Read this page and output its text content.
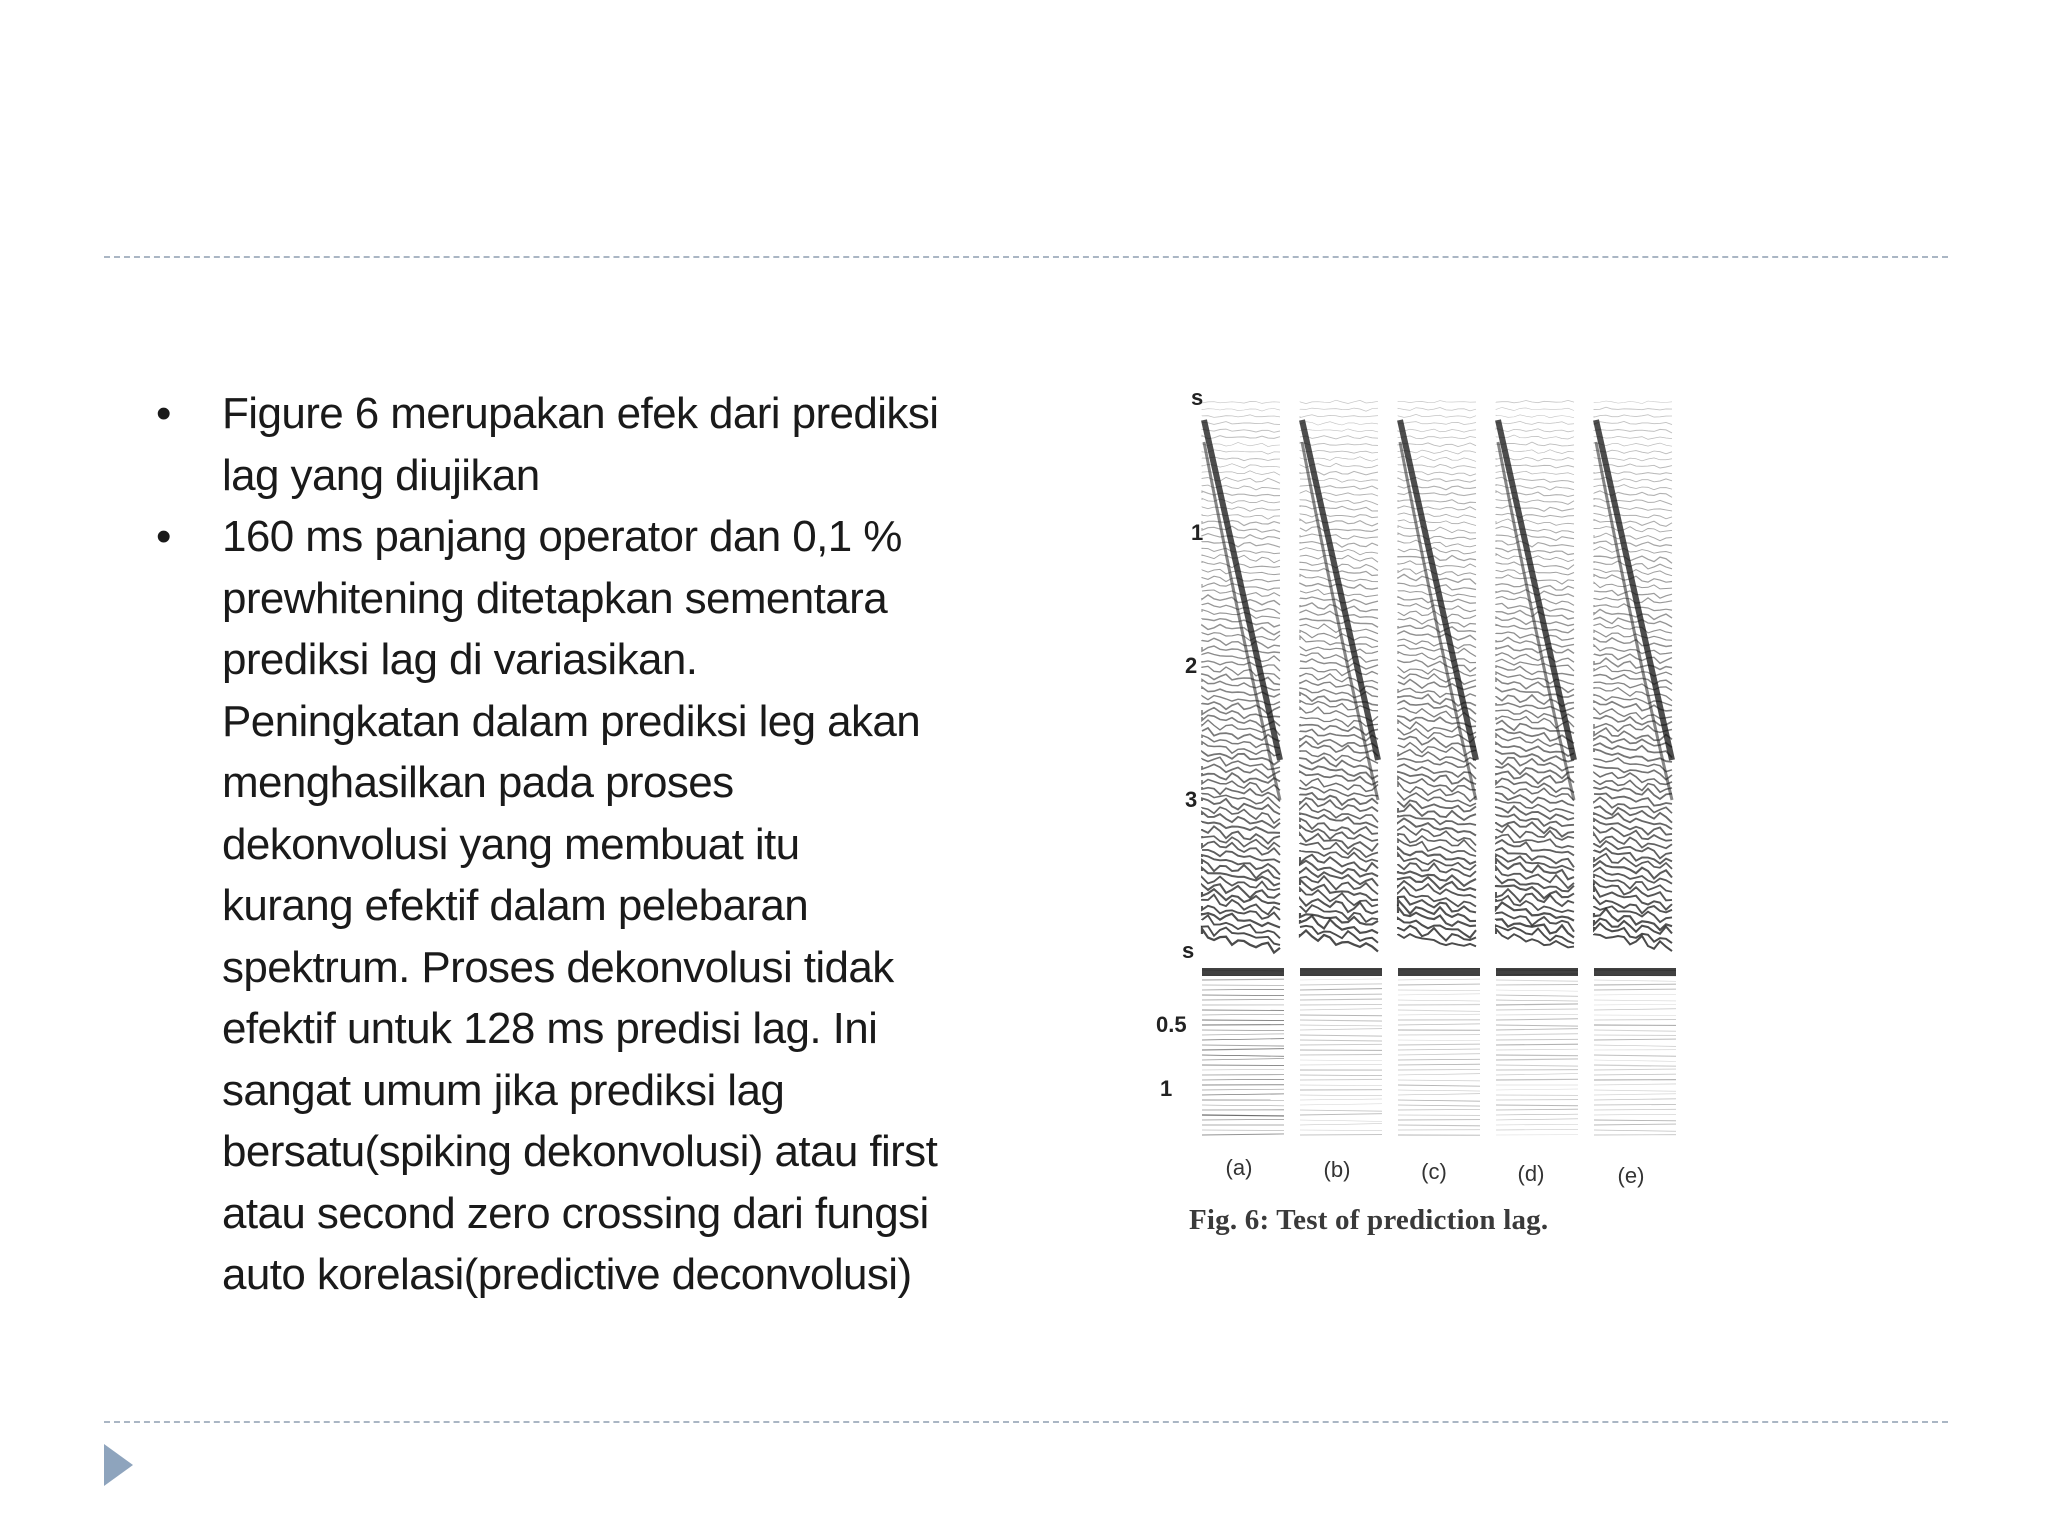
• Figure 6 merupakan efek dari prediksi lag yang diujikan
• 160 ms panjang operator dan 0,1 % prewhitening ditetapkan sementara prediksi lag di variasikan. Peningkatan dalam prediksi leg akan menghasilkan pada proses dekonvolusi yang membuat itu kurang efektif dalam pelebaran spektrum. Proses dekonvolusi tidak efektif untuk 128 ms predisi lag. Ini sangat umum jika prediksi lag bersatu(spiking dekonvolusi) atau first atau second zero crossing dari fungsi auto korelasi(predictive deconvolusi)
s
1
2
3
s
0.5
1
(a)	(b)	(c)	(d)	(e)
Fig. 6: Test of prediction lag.
